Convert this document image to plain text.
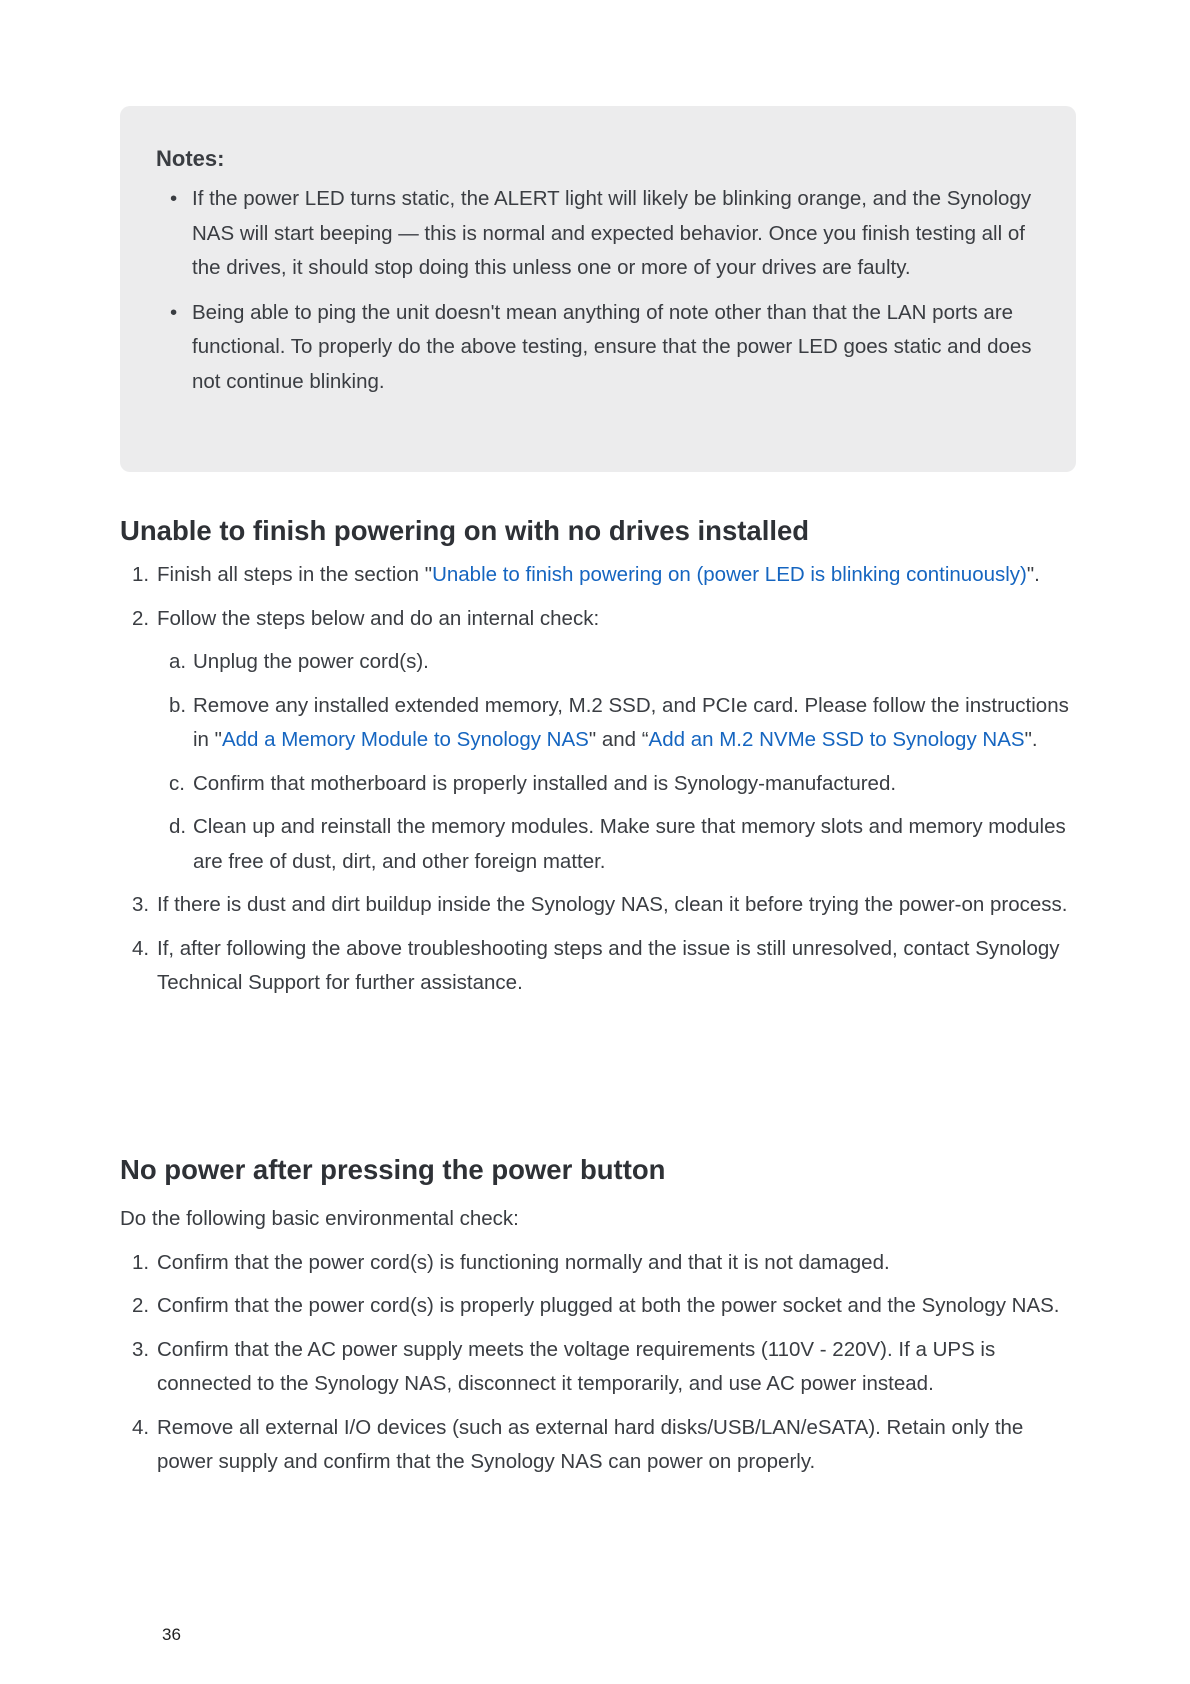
Notes:
• If the power LED turns static, the ALERT light will likely be blinking orange, and the Synology NAS will start beeping — this is normal and expected behavior. Once you finish testing all of the drives, it should stop doing this unless one or more of your drives are faulty.
• Being able to ping the unit doesn't mean anything of note other than that the LAN ports are functional. To properly do the above testing, ensure that the power LED goes static and does not continue blinking.
Unable to finish powering on with no drives installed
1. Finish all steps in the section "Unable to finish powering on (power LED is blinking continuously)".
2. Follow the steps below and do an internal check:
a. Unplug the power cord(s).
b. Remove any installed extended memory, M.2 SSD, and PCIe card. Please follow the instructions in "Add a Memory Module to Synology NAS" and “Add an M.2 NVMe SSD to Synology NAS".
c. Confirm that motherboard is properly installed and is Synology-manufactured.
d. Clean up and reinstall the memory modules. Make sure that memory slots and memory modules are free of dust, dirt, and other foreign matter.
3. If there is dust and dirt buildup inside the Synology NAS, clean it before trying the power-on process.
4. If, after following the above troubleshooting steps and the issue is still unresolved, contact Synology Technical Support for further assistance.
No power after pressing the power button
Do the following basic environmental check:
1. Confirm that the power cord(s) is functioning normally and that it is not damaged.
2. Confirm that the power cord(s) is properly plugged at both the power socket and the Synology NAS.
3. Confirm that the AC power supply meets the voltage requirements (110V - 220V). If a UPS is connected to the Synology NAS, disconnect it temporarily, and use AC power instead.
4. Remove all external I/O devices (such as external hard disks/USB/LAN/eSATA). Retain only the power supply and confirm that the Synology NAS can power on properly.
36
